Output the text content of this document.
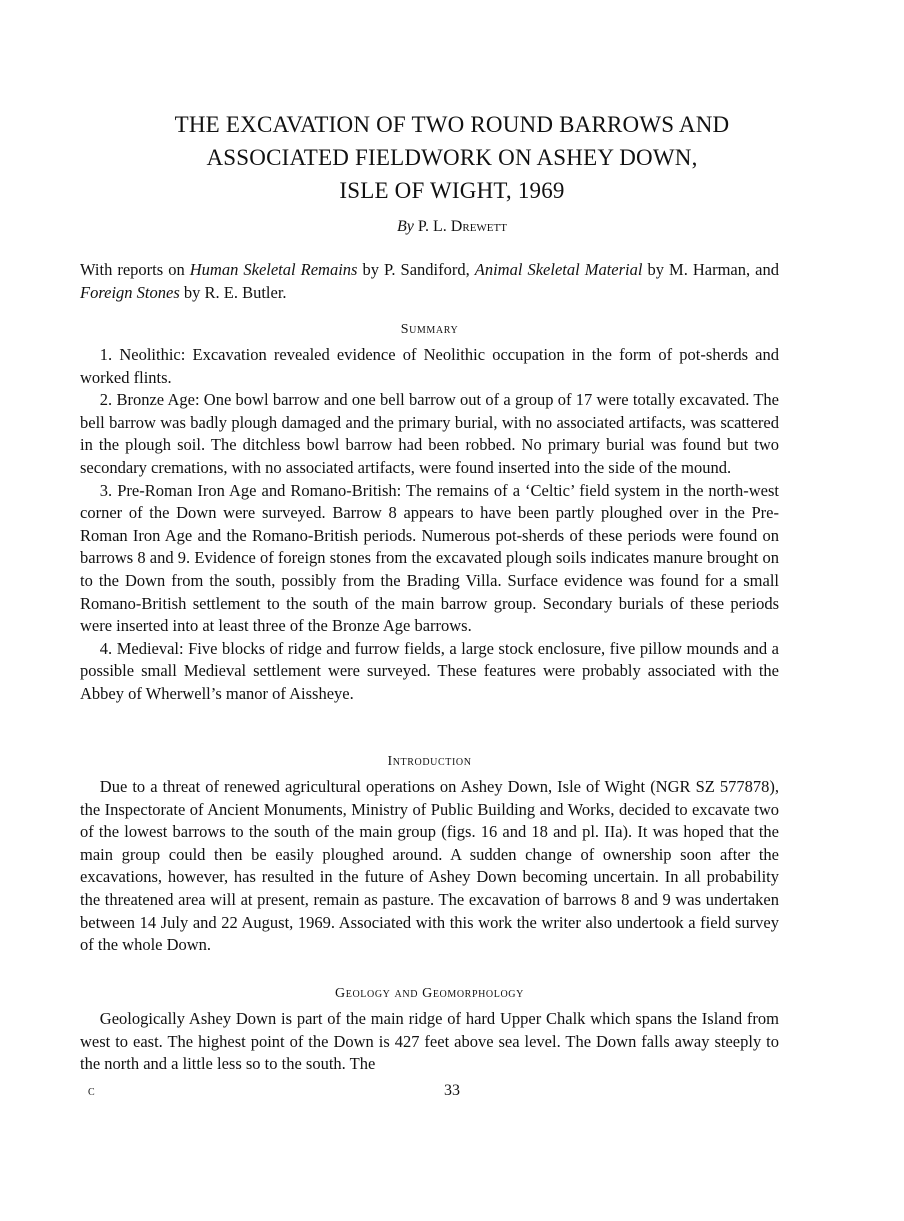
THE EXCAVATION OF TWO ROUND BARROWS AND
ASSOCIATED FIELDWORK ON ASHEY DOWN,
ISLE OF WIGHT, 1969
By P. L. Drewett
With reports on Human Skeletal Remains by P. Sandiford, Animal Skeletal Material by M. Harman, and Foreign Stones by R. E. Butler.
Summary

1. Neolithic: Excavation revealed evidence of Neolithic occupation in the form of pot-sherds and worked flints.

2. Bronze Age: One bowl barrow and one bell barrow out of a group of 17 were totally excavated. The bell barrow was badly plough damaged and the primary burial, with no associated artifacts, was scattered in the plough soil. The ditchless bowl barrow had been robbed. No primary burial was found but two secondary cremations, with no associated artifacts, were found inserted into the side of the mound.

3. Pre-Roman Iron Age and Romano-British: The remains of a ‘Celtic’ field system in the north-west corner of the Down were surveyed. Barrow 8 appears to have been partly ploughed over in the Pre-Roman Iron Age and the Romano-British periods. Numerous pot-sherds of these periods were found on barrows 8 and 9. Evidence of foreign stones from the excavated plough soils indicates manure brought on to the Down from the south, possibly from the Brading Villa. Surface evidence was found for a small Romano-British settlement to the south of the main barrow group. Secondary burials of these periods were inserted into at least three of the Bronze Age barrows.

4. Medieval: Five blocks of ridge and furrow fields, a large stock enclosure, five pillow mounds and a possible small Medieval settlement were surveyed. These features were probably associated with the Abbey of Wherwell’s manor of Aissheye.

Introduction

Due to a threat of renewed agricultural operations on Ashey Down, Isle of Wight (NGR SZ 577878), the Inspectorate of Ancient Monuments, Ministry of Public Building and Works, decided to excavate two of the lowest barrows to the south of the main group (figs. 16 and 18 and pl. IIa). It was hoped that the main group could then be easily ploughed around. A sudden change of ownership soon after the excavations, however, has resulted in the future of Ashey Down becoming uncertain. In all probability the threatened area will at present, remain as pasture. The excavation of barrows 8 and 9 was undertaken between 14 July and 22 August, 1969. Associated with this work the writer also undertook a field survey of the whole Down.

Geology and Geomorphology

Geologically Ashey Down is part of the main ridge of hard Upper Chalk which spans the Island from west to east. The highest point of the Down is 427 feet above sea level. The Down falls away steeply to the north and a little less so to the south. The

c	33
